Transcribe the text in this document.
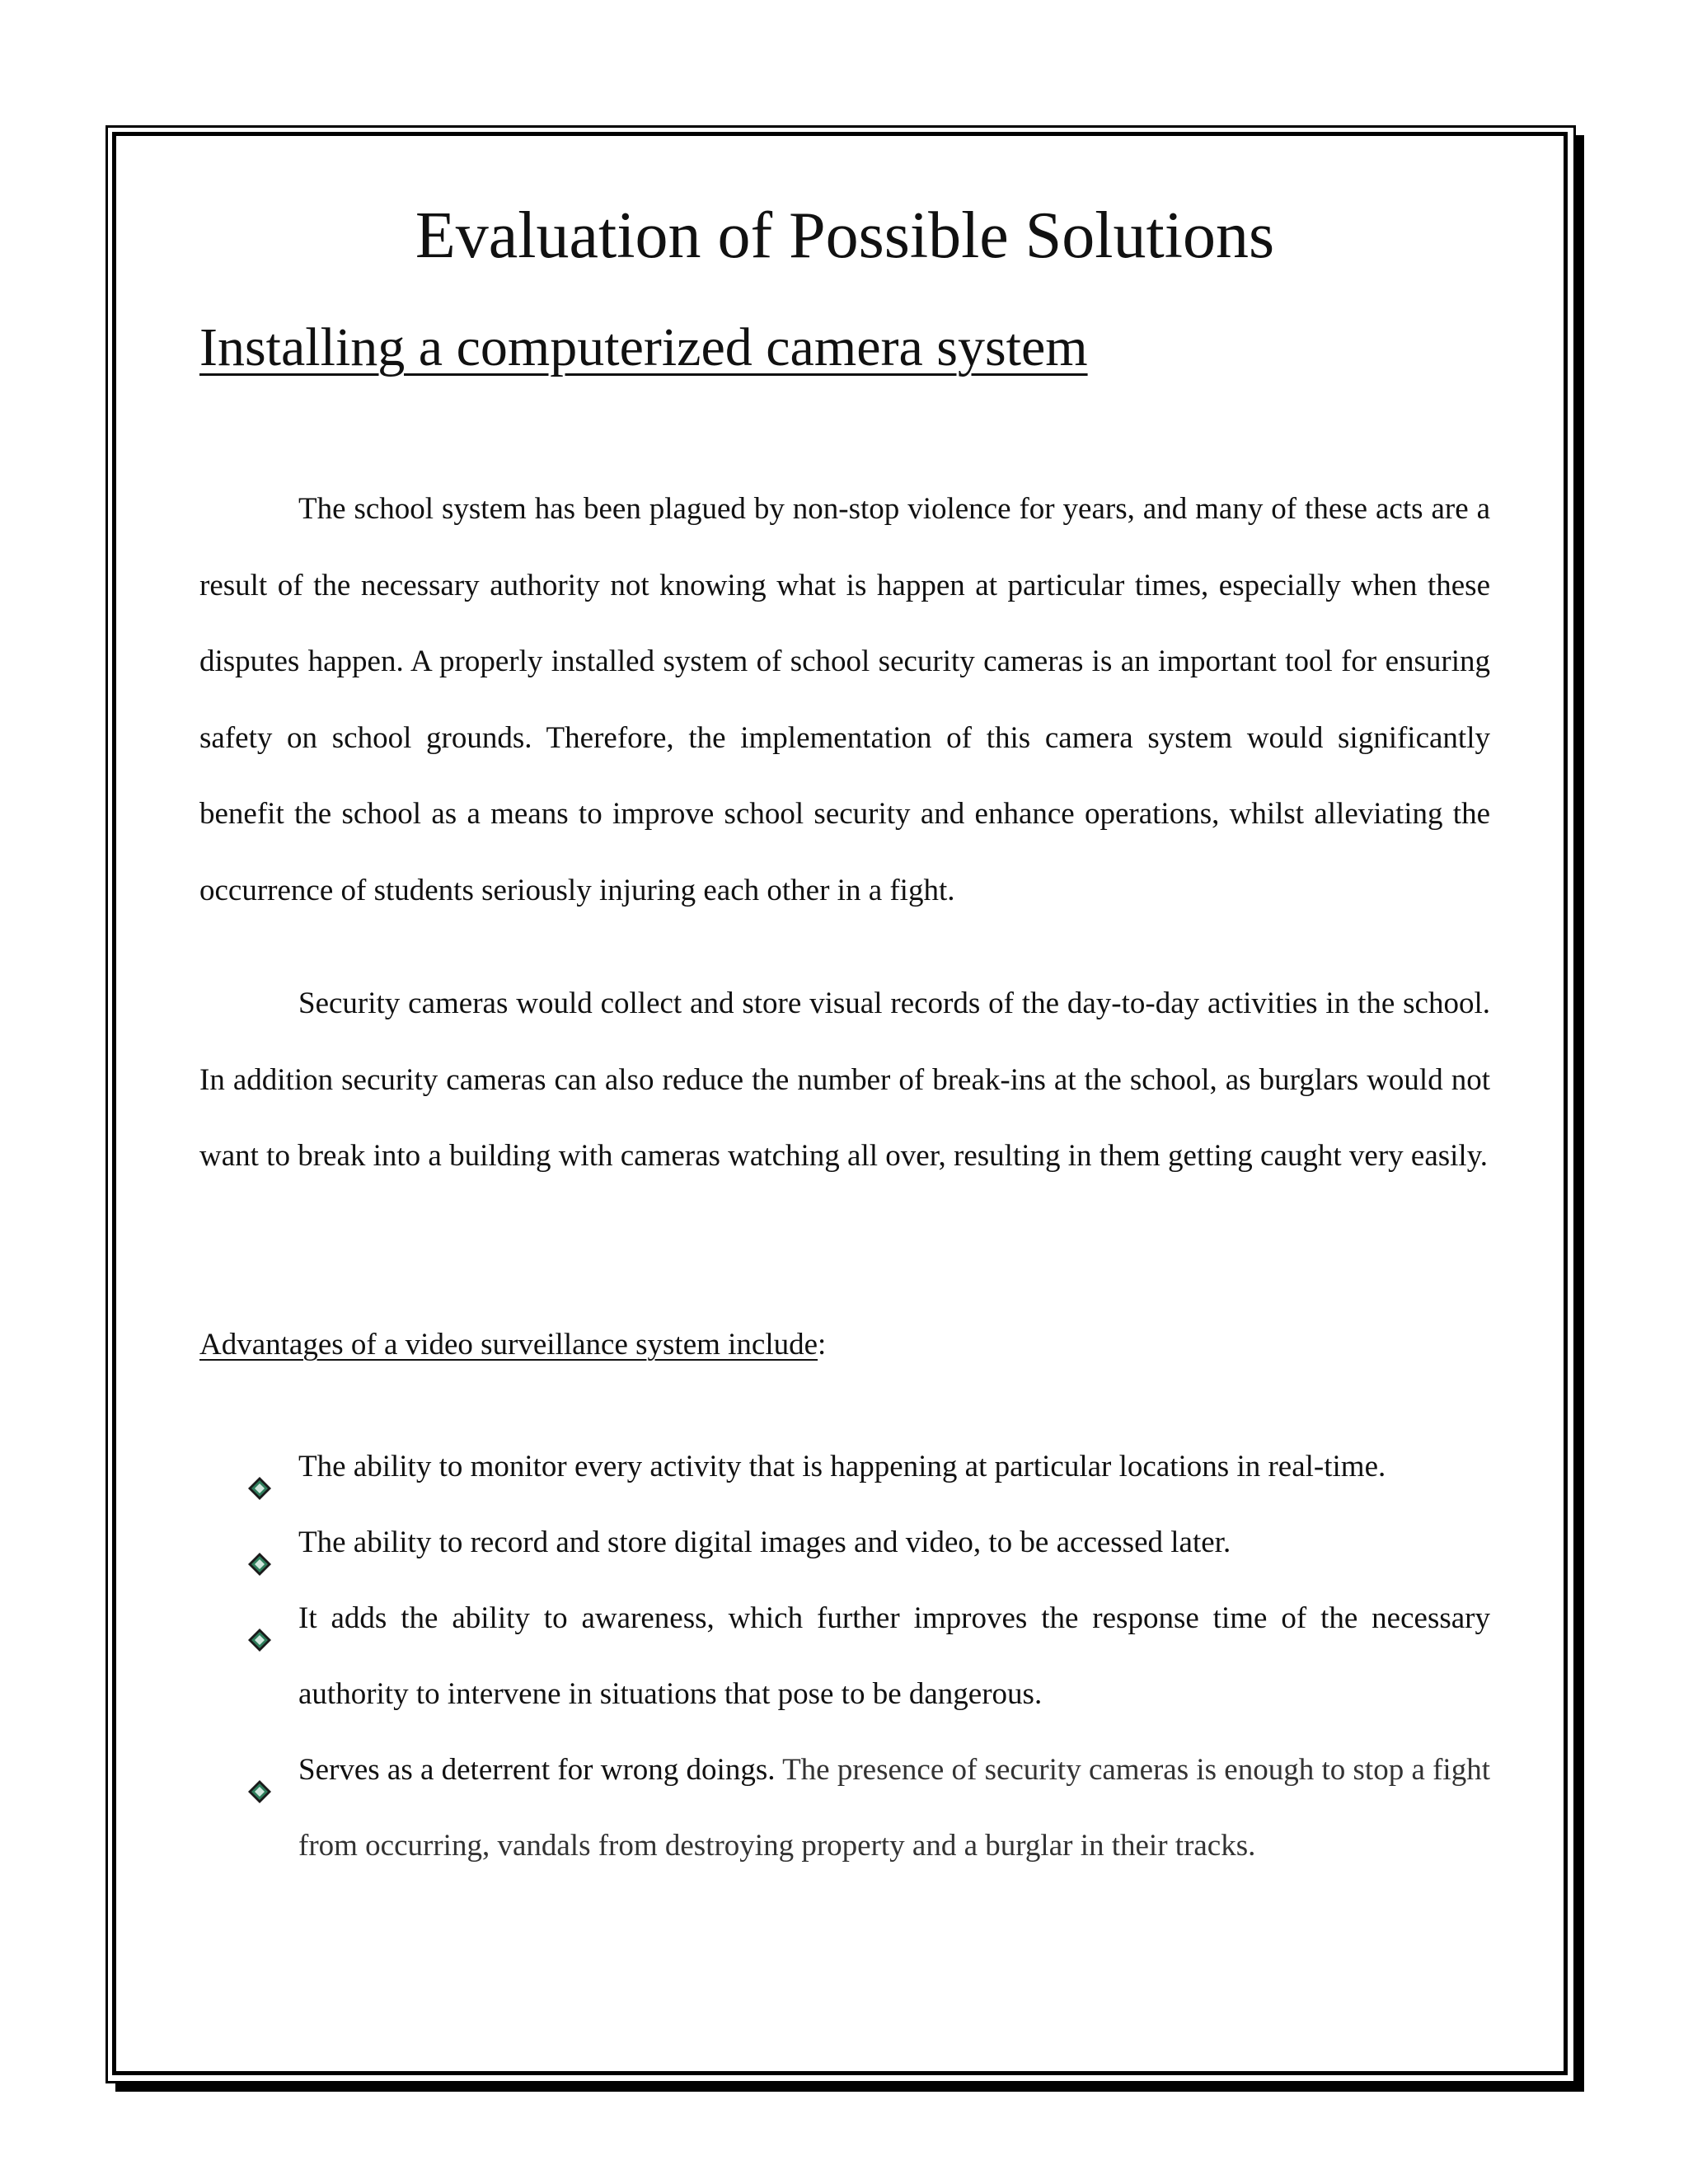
Evaluation of Possible Solutions
Installing a computerized camera system

The school system has been plagued by non-stop violence for years, and many of these acts are a result of the necessary authority not knowing what is happen at particular times, especially when these disputes happen. A properly installed system of school security cameras is an important tool for ensuring safety on school grounds. Therefore, the implementation of this camera system would significantly benefit the school as a means to improve school security and enhance operations, whilst alleviating the occurrence of students seriously injuring each other in a fight.

Security cameras would collect and store visual records of the day-to-day activities in the school. In addition security cameras can also reduce the number of break-ins at the school, as burglars would not want to break into a building with cameras watching all over, resulting in them getting caught very easily.

Advantages of a video surveillance system include:
The ability to monitor every activity that is happening at particular locations in real-time.
The ability to record and store digital images and video, to be accessed later.
It adds the ability to awareness, which further improves the response time of the necessary authority to intervene in situations that pose to be dangerous.
Serves as a deterrent for wrong doings. The presence of security cameras is enough to stop a fight from occurring, vandals from destroying property and a burglar in their tracks.
